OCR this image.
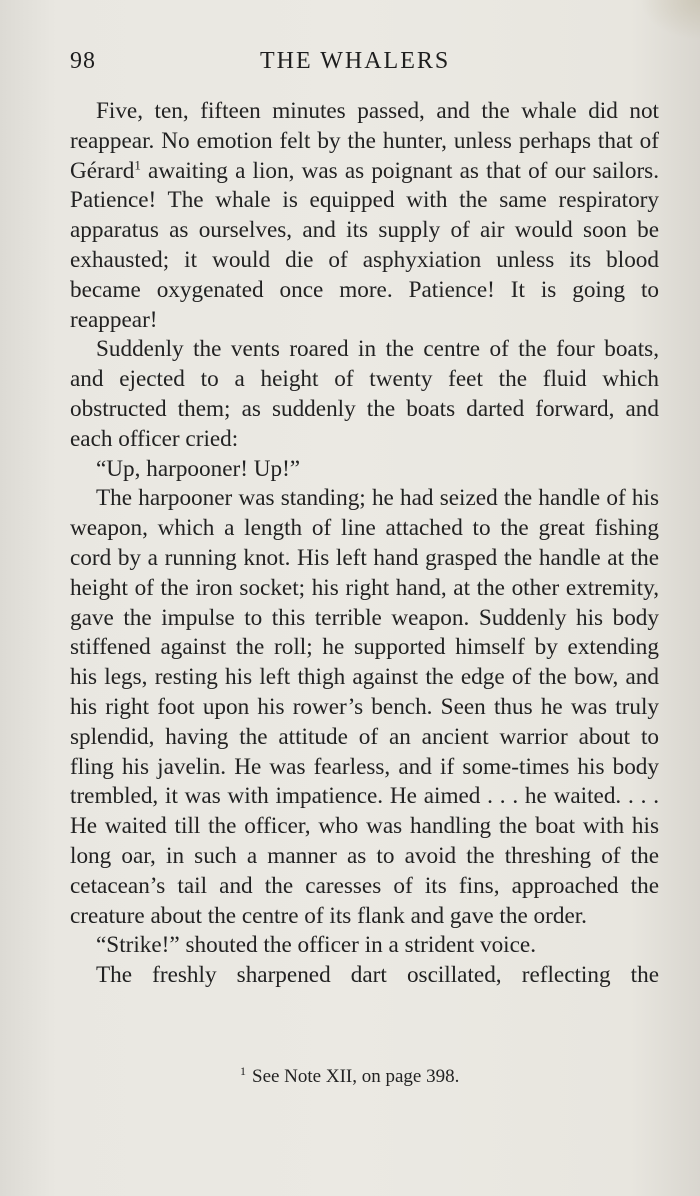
98	THE WHALERS

Five, ten, fifteen minutes passed, and the whale did not reappear. No emotion felt by the hunter, unless perhaps that of Gérard$^1$ awaiting a lion, was as poignant as that of our sailors. Patience! The whale is equipped with the same respiratory apparatus as ourselves, and its supply of air would soon be exhausted; it would die of asphyxiation unless its blood became oxygenated once more. Patience! It is going to reappear!

Suddenly the vents roared in the centre of the four boats, and ejected to a height of twenty feet the fluid which obstructed them; as suddenly the boats darted forward, and each officer cried:

“Up, harpooner! Up!”

The harpooner was standing; he had seized the handle of his weapon, which a length of line attached to the great fishing cord by a running knot. His left hand grasped the handle at the height of the iron socket; his right hand, at the other extremity, gave the impulse to this terrible weapon. Suddenly his body stiffened against the roll; he supported himself by extending his legs, resting his left thigh against the edge of the bow, and his right foot upon his rower’s bench. Seen thus he was truly splendid, having the attitude of an ancient warrior about to fling his javelin. He was fearless, and if some-times his body trembled, it was with impatience. He aimed . . . he waited. . . . He waited till the officer, who was handling the boat with his long oar, in such a manner as to avoid the threshing of the cetacean’s tail and the caresses of its fins, approached the creature about the centre of its flank and gave the order.

“Strike!” shouted the officer in a strident voice.

The freshly sharpened dart oscillated, reflecting the

$^1$ See Note XII, on page 398.
